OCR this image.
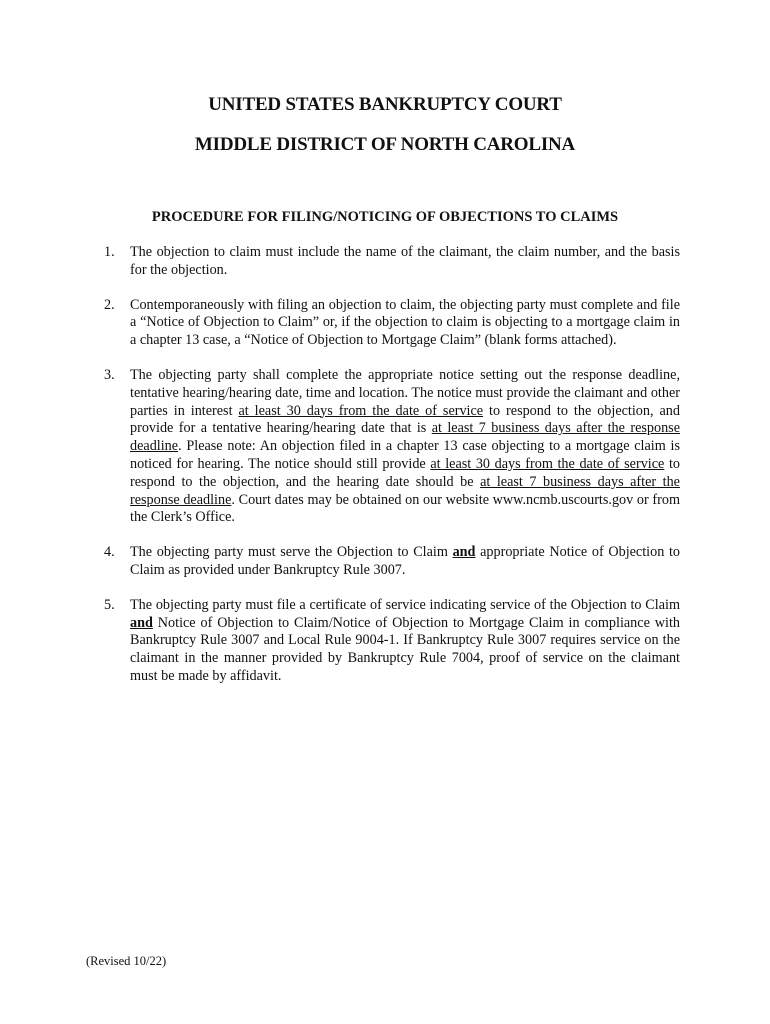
UNITED STATES BANKRUPTCY COURT
MIDDLE DISTRICT OF NORTH CAROLINA
PROCEDURE FOR FILING/NOTICING OF OBJECTIONS TO CLAIMS
1. The objection to claim must include the name of the claimant, the claim number, and the basis for the objection.
2. Contemporaneously with filing an objection to claim, the objecting party must complete and file a “Notice of Objection to Claim” or, if the objection to claim is objecting to a mortgage claim in a chapter 13 case, a “Notice of Objection to Mortgage Claim” (blank forms attached).
3. The objecting party shall complete the appropriate notice setting out the response deadline, tentative hearing/hearing date, time and location. The notice must provide the claimant and other parties in interest at least 30 days from the date of service to respond to the objection, and provide for a tentative hearing/hearing date that is at least 7 business days after the response deadline. Please note: An objection filed in a chapter 13 case objecting to a mortgage claim is noticed for hearing. The notice should still provide at least 30 days from the date of service to respond to the objection, and the hearing date should be at least 7 business days after the response deadline. Court dates may be obtained on our website www.ncmb.uscourts.gov or from the Clerk’s Office.
4. The objecting party must serve the Objection to Claim and appropriate Notice of Objection to Claim as provided under Bankruptcy Rule 3007.
5. The objecting party must file a certificate of service indicating service of the Objection to Claim and Notice of Objection to Claim/Notice of Objection to Mortgage Claim in compliance with Bankruptcy Rule 3007 and Local Rule 9004-1. If Bankruptcy Rule 3007 requires service on the claimant in the manner provided by Bankruptcy Rule 7004, proof of service on the claimant must be made by affidavit.
(Revised 10/22)
